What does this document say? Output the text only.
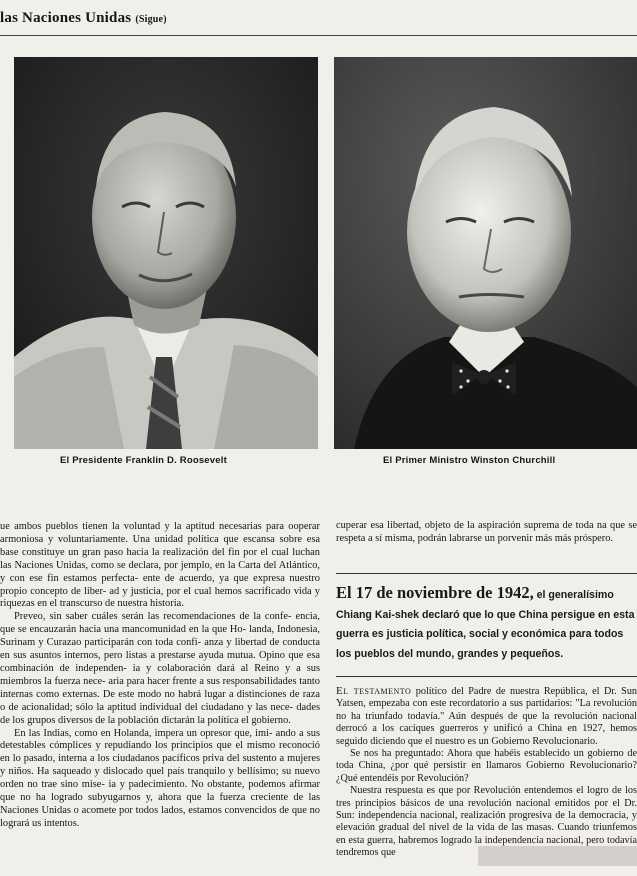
las Naciones Unidas (Sigue)
El Presidente Franklin D. Roosevelt	El Primer Ministro Winston Churchill

ue ambos pueblos tienen la voluntad y la aptitud necesarias para ooperar armoniosa y voluntariamente. Una unidad política que escansa sobre esa base constituye un gran paso hacia la realización del fin por el cual luchan las Naciones Unidas, como se declara, por jemplo, en la Carta del Atlántico, y con ese fin estamos perfecta- ente de acuerdo, ya que expresa nuestro propio concepto de liber- ad y justicia, por el cual hemos sacrificado vida y riquezas en el transcurso de nuestra historia.

Preveo, sin saber cuáles serán las recomendaciones de la confe- encia, que se encauzarán hacia una mancomunidad en la que Ho- landa, Indonesia, Surinam y Curazao participarán con toda confi- anza y libertad de conducta en sus asuntos internos, pero listas a prestarse ayuda mutua. Opino que esa combinación de independen- ia y colaboración dará al Reino y a sus miembros la fuerza nece- aria para hacer frente a sus responsabilidades tanto internas como externas. De este modo no habrá lugar a distinciones de raza o de acionalidad; sólo la aptitud individual del ciudadano y las nece- dades de los grupos diversos de la población dictarán la política el gobierno.

En las Indias, como en Holanda, impera un opresor que, imi- ando a sus detestables cómplices y repudiando los principios que el mismo reconoció en lo pasado, interna a los ciudadanos pacíficos priva del sustento a mujeres y niños. Ha saqueado y dislocado quel país tranquilo y bellísimo; su nuevo orden no trae sino mise- ia y padecimiento. No obstante, podemos afirmar que no ha logrado subyugarnos y, ahora que la fuerza creciente de las Naciones Unidas o acomete por todos lados, estamos convencidos de que no logrará us intentos.

cuperar esa libertad, objeto de la aspiración suprema de toda na que se respeta a sí misma, podrán labrarse un porvenir más más próspero.

El 17 de noviembre de 1942, el generalísimo Chiang Kai-shek declaró que lo que China persigue en esta guerra es justicia política, social y económica para todos los pueblos del mundo, grandes y pequeños.

El testamento político del Padre de nuestra República, el Dr. Sun Yatsen, empezaba con este recordatorio a sus partidarios: "La revolución no ha triunfado todavía." Aún después de que la revolución nacional derrocó a los caciques guerreros y unificó a China en 1927, hemos seguido diciendo que el nuestro es un Gobierno Revolucionario.

Se nos ha preguntado: Ahora que habéis establecido un gobierno de toda China, ¿por qué persistir en llamaros Gobierno Revolucionario? ¿Qué entendéis por Revolución?

Nuestra respuesta es que por Revolución entendemos el logro de los tres principios básicos de una revolución nacional emitidos por el Dr. Sun: independencia nacional, realización progresiva de la democracia, y elevación gradual del nivel de la vida de las masas. Cuando triunfemos en esta guerra, habremos logrado la independencia nacional, pero todavía tendremos que
